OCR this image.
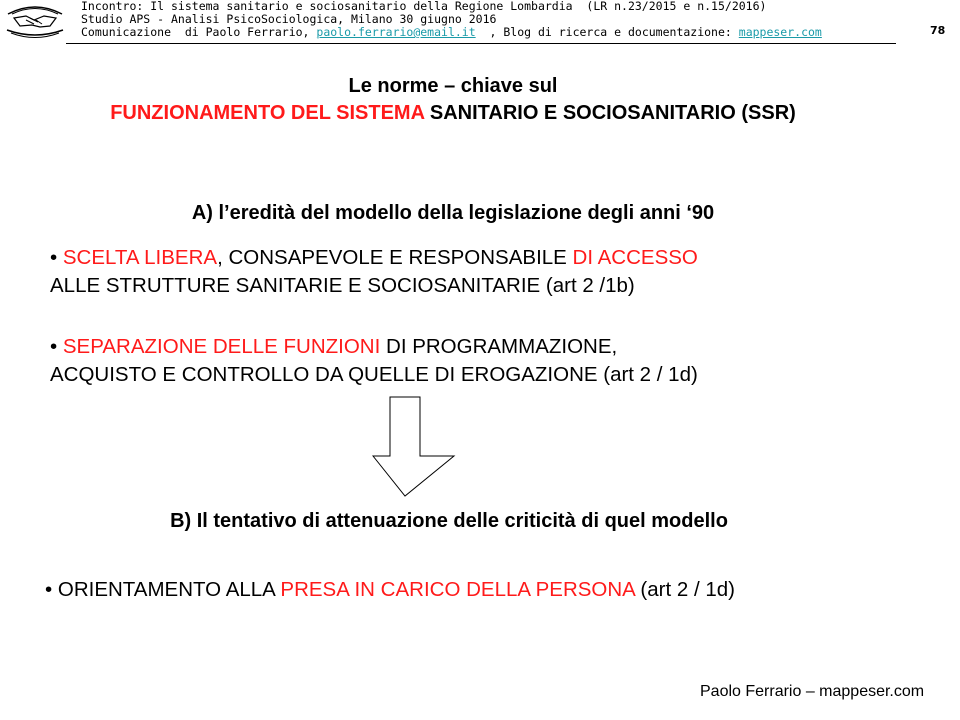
Incontro: Il sistema sanitario e sociosanitario della Regione Lombardia  (LR n.23/2015 e n.15/2016)
Studio APS - Analisi PsicoSociologica, Milano 30 giugno 2016
Comunicazione  di Paolo Ferrario, paolo.ferrario@email.it  , Blog di ricerca e documentazione: mappeser.com	78
Le norme – chiave sul
FUNZIONAMENTO DEL SISTEMA SANITARIO E SOCIOSANITARIO (SSR)
A) l’eredità del modello della legislazione degli anni ‘90
• SCELTA LIBERA, CONSAPEVOLE E RESPONSABILE DI ACCESSO
ALLE STRUTTURE SANITARIE E SOCIOSANITARIE (art 2 /1b)
• SEPARAZIONE DELLE FUNZIONI DI PROGRAMMAZIONE,
ACQUISTO E CONTROLLO DA QUELLE DI EROGAZIONE (art 2 / 1d)
B) Il tentativo di attenuazione delle criticità di quel modello
• ORIENTAMENTO ALLA PRESA IN CARICO DELLA PERSONA (art 2 / 1d)
Paolo Ferrario – mappeser.com
